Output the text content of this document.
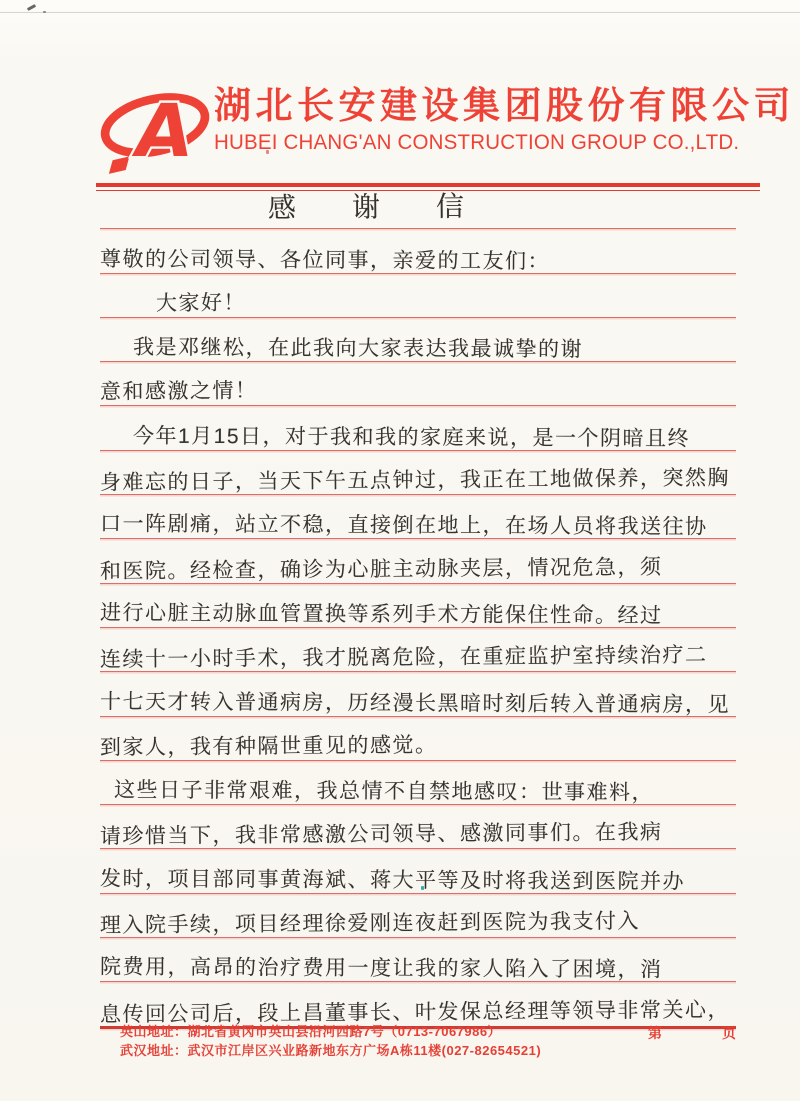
A 湖北长安建设集团股份有限公司
HUBEI CHANG'AN CONSTRUCTION GROUP CO.,LTD.
感谢信
尊敬的公司领导、各位同事，亲爱的工友们：
大家好！
我是邓继松，在此我向大家表达我最诚挚的谢
意和感激之情！
今年1月15日，对于我和我的家庭来说，是一个阴暗且终
身难忘的日子，当天下午五点钟过，我正在工地做保养，突然胸
口一阵剧痛，站立不稳，直接倒在地上，在场人员将我送往协
和医院。经检查，确诊为心脏主动脉夹层，情况危急，须
进行心脏主动脉血管置换等系列手术方能保住性命。经过
连续十一小时手术，我才脱离危险，在重症监护室持续治疗二
十七天才转入普通病房，历经漫长黑暗时刻后转入普通病房，见
到家人，我有种隔世重见的感觉。
这些日子非常艰难，我总情不自禁地感叹：世事难料，
请珍惜当下，我非常感激公司领导、感激同事们。在我病
发时，项目部同事黄海斌、蒋大平等及时将我送到医院并办
理入院手续，项目经理徐爱刚连夜赶到医院为我支付入
院费用，高昂的治疗费用一度让我的家人陷入了困境，消
息传回公司后，段上昌董事长、叶发保总经理等领导非常关心，
英山地址：湖北省黄冈市英山县沿河西路7号（0713-7067986）
武汉地址：武汉市江岸区兴业路新地东方广场A栋11楼(027-82654521)
第	页
